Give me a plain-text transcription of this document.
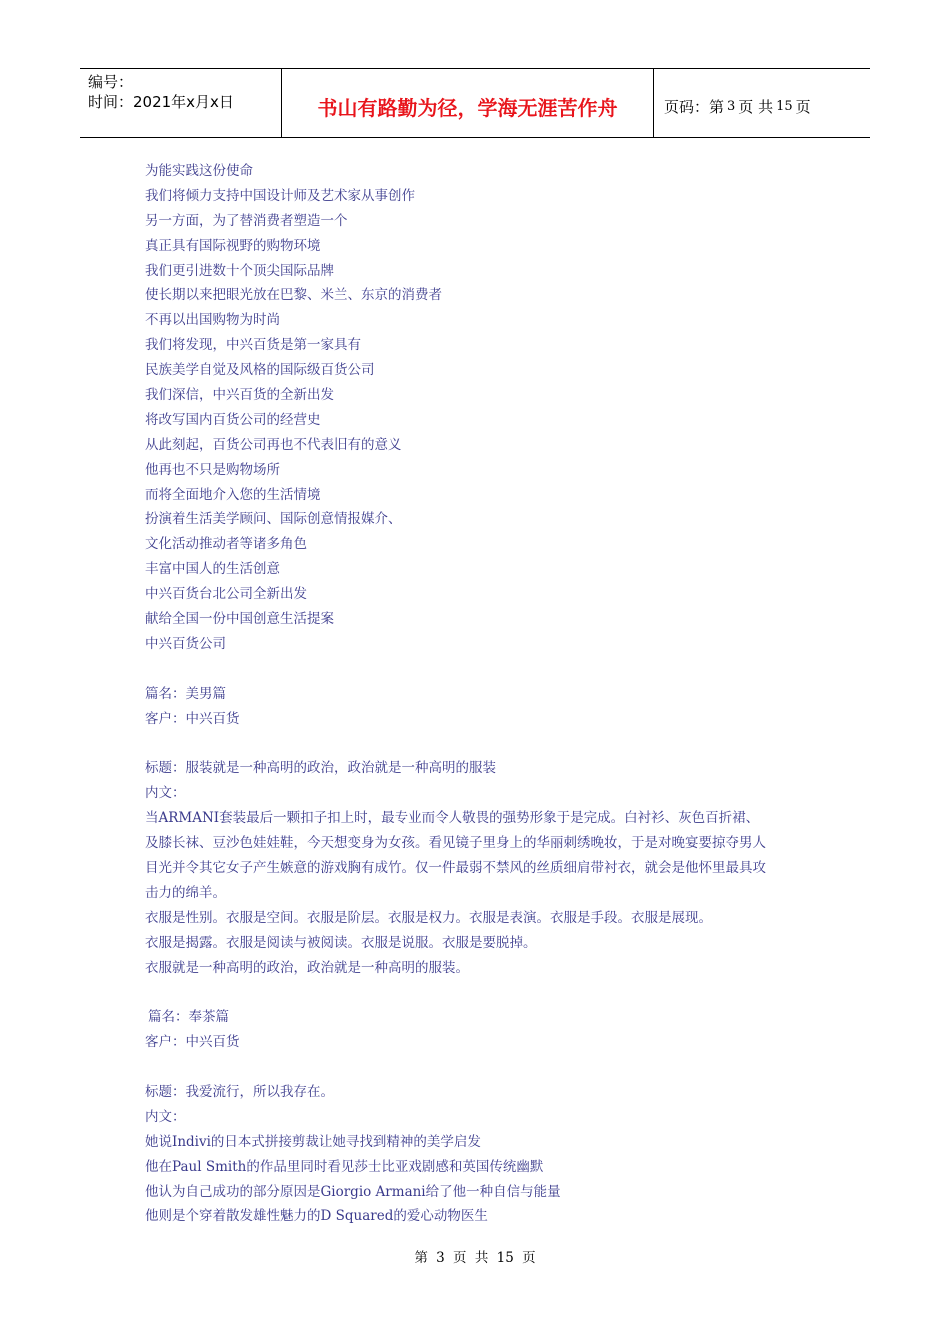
编号：
时间：2021年x月x日	书山有路勤为径，学海无涯苦作舟	页码：第 3 页 共 15 页
为能实践这份使命
我们将倾力支持中国设计师及艺术家从事创作
另一方面，为了替消费者塑造一个
真正具有国际视野的购物环境
我们更引进数十个顶尖国际品牌
使长期以来把眼光放在巴黎、米兰、东京的消费者
不再以出国购物为时尚
我们将发现，中兴百货是第一家具有
民族美学自觉及风格的国际级百货公司
我们深信，中兴百货的全新出发
将改写国内百货公司的经营史
从此刻起，百货公司再也不代表旧有的意义
他再也不只是购物场所
而将全面地介入您的生活情境
扮演着生活美学顾问、国际创意情报媒介、
文化活动推动者等诸多角色
丰富中国人的生活创意
中兴百货台北公司全新出发
献给全国一份中国创意生活提案
中兴百货公司
篇名：美男篇
客户：中兴百货
标题：服装就是一种高明的政治，政治就是一种高明的服装
内文：
当ARMANI套装最后一颗扣子扣上时，最专业而令人敬畏的强势形象于是完成。白衬衫、灰色百折裙、
及膝长袜、豆沙色娃娃鞋，今天想变身为女孩。看见镜子里身上的华丽刺绣晚妆，于是对晚宴要掠夺男人
目光并令其它女子产生嫉意的游戏胸有成竹。仅一件最弱不禁风的丝质细肩带衬衣，就会是他怀里最具攻
击力的绵羊。
衣服是性别。衣服是空间。衣服是阶层。衣服是权力。衣服是表演。衣服是手段。衣服是展现。
衣服是揭露。衣服是阅读与被阅读。衣服是说服。衣服是要脱掉。
衣服就是一种高明的政治，政治就是一种高明的服装。
篇名：奉茶篇
客户：中兴百货
标题：我爱流行，所以我存在。
内文：
她说Indivi的日本式拼接剪裁让她寻找到精神的美学启发
他在Paul Smith的作品里同时看见莎士比亚戏剧感和英国传统幽默
他认为自己成功的部分原因是Giorgio Armani给了他一种自信与能量
他则是个穿着散发雄性魅力的D Squared的爱心动物医生
第 3 页 共 15 页
